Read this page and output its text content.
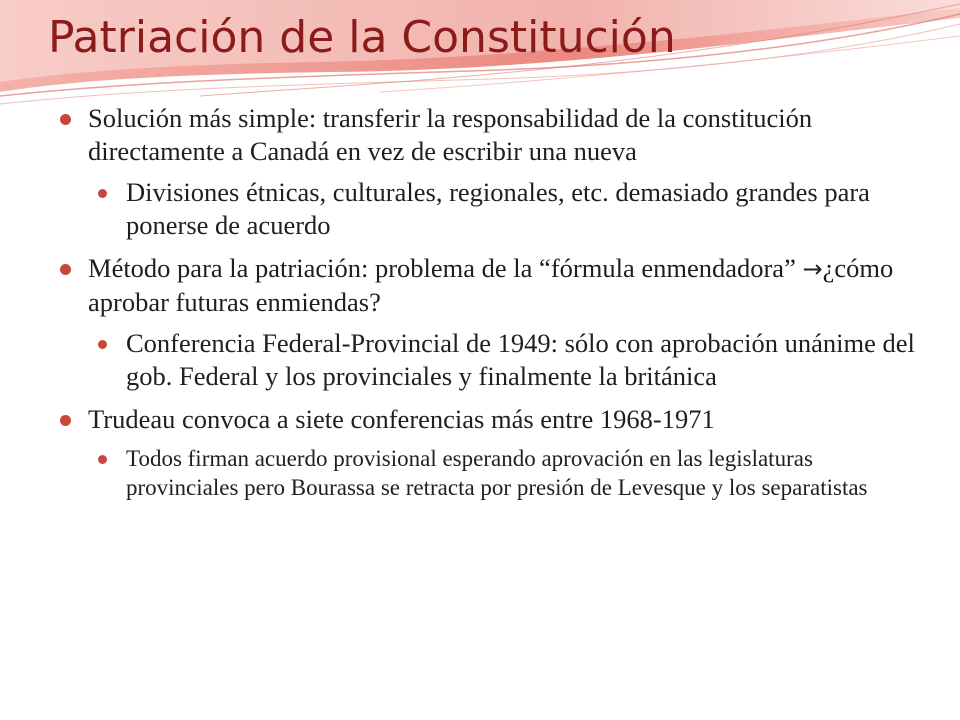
Patriación de la Constitución
Solución más simple: transferir la responsabilidad de la constitución directamente a Canadá en vez de escribir una nueva
Divisiones étnicas, culturales, regionales, etc. demasiado grandes para ponerse de acuerdo
Método para la patriación: problema de la “fórmula enmendadora” →¿cómo aprobar futuras enmiendas?
Conferencia Federal-Provincial de 1949: sólo con aprobación unánime del gob. Federal y los provinciales y finalmente la británica
Trudeau convoca a siete conferencias más entre 1968-1971
Todos firman acuerdo provisional esperando aprovación en las legislaturas provinciales pero Bourassa se retracta por presión de Levesque y los separatistas
